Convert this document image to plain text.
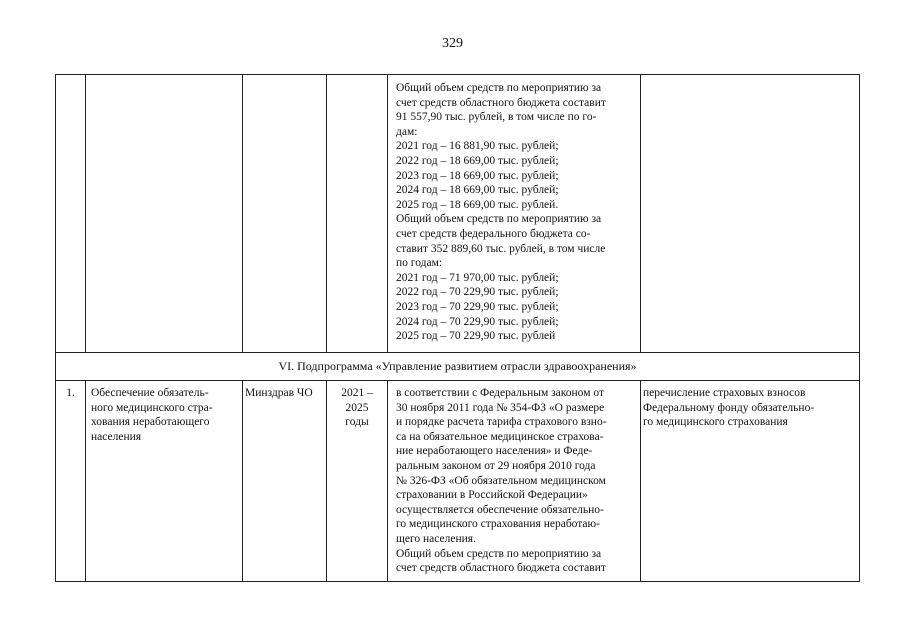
329
Общий объем средств по мероприятию за
счет средств областного бюджета составит
91 557,90 тыс. рублей, в том числе по го-
дам:
2021 год – 16 881,90 тыс. рублей;
2022 год – 18 669,00 тыс. рублей;
2023 год – 18 669,00 тыс. рублей;
2024 год – 18 669,00 тыс. рублей;
2025 год – 18 669,00 тыс. рублей.
Общий объем средств по мероприятию за
счет средств федерального бюджета со-
ставит 352 889,60 тыс. рублей, в том числе
по годам:
2021 год – 71 970,00 тыс. рублей;
2022 год – 70 229,90 тыс. рублей;
2023 год – 70 229,90 тыс. рублей;
2024 год – 70 229,90 тыс. рублей;
2025 год – 70 229,90 тыс. рублей
VI. Подпрограмма «Управление развитием отрасли здравоохранения»
1.	Обеспечение обязатель-
ного медицинского стра-
хования неработающего
населения
Минздрав ЧО	2021 –
2025
годы
в соответствии с Федеральным законом от
30 ноября 2011 года № 354-ФЗ «О размере
и порядке расчета тарифа страхового взно-
са на обязательное медицинское страхова-
ние неработающего населения» и Феде-
ральным законом от 29 ноября 2010 года
№ 326-ФЗ «Об обязательном медицинском
страховании в Российской Федерации»
осуществляется обеспечение обязательно-
го медицинского страхования неработаю-
щего населения.
Общий объем средств по мероприятию за
счет средств областного бюджета составит
перечисление страховых взносов
Федеральному фонду обязательно-
го медицинского страхования
